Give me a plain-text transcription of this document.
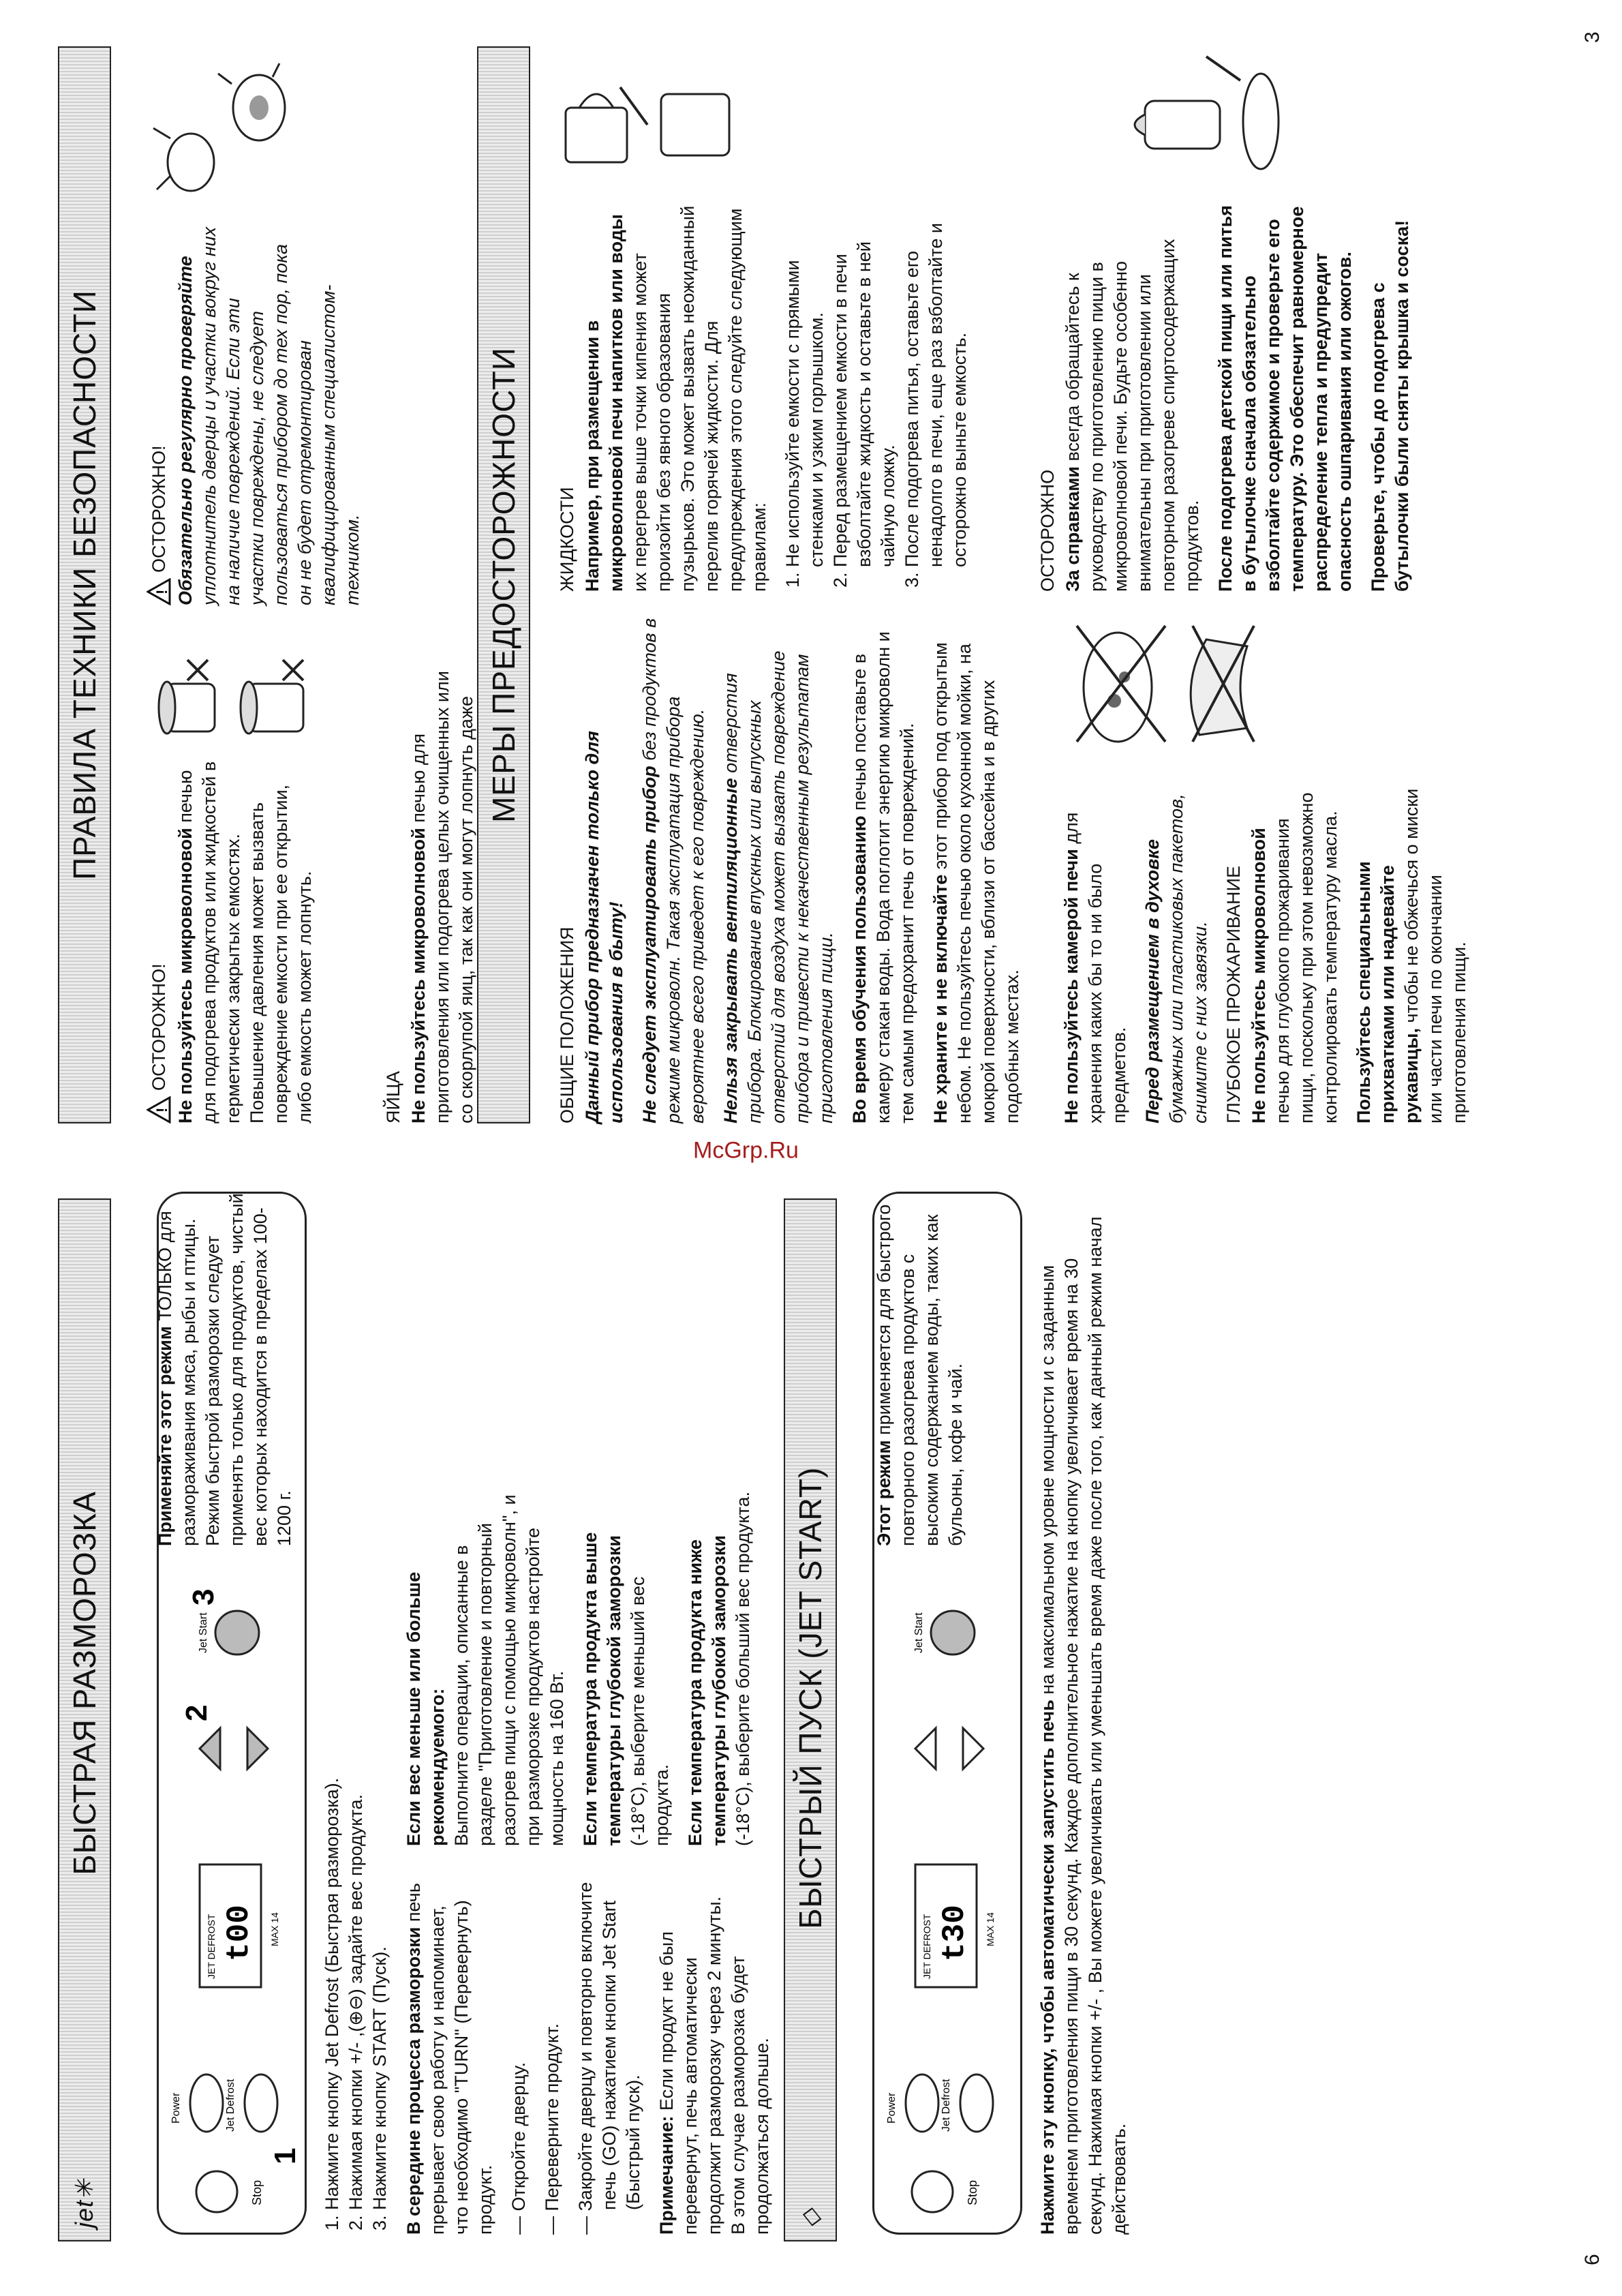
6
3
McGrp.Ru
jet✳
БЫСТРАЯ РАЗМОРОЗКА
Stop
Power	Jet Defrost
1
JET DEFROST t00 MAX 14
2
Jet Start
3

Применяйте этот режим ТОЛЬКО для размораживания мяса, рыбы и птицы. Режим быстрой разморозки следует применять только для продуктов, чистый вес которых находится в пределах 100-1200 г.

1. Нажмите кнопку Jet Defrost (Быстрая разморозка). 2. Нажимая кнопки +/- ,(⊕⊖) задайте вес продукта. 3. Нажмите кнопку START (Пуск). В середине процесса разморозки печь прерывает свою работу и напоминает, что необходимо "TURN" (Перевернуть) продукт. — Откройте дверцу. — Переверните продукт. — Закройте дверцу и повторно включите печь (GO) нажатием кнопки Jet Start (Быстрый пуск). Примечание: Если продукт не был перевернут, печь автоматически продолжит разморозку через 2 минуты. В этом случае разморозка будет продолжаться дольше.

Если вес меньше или больше рекомендуемого: Выполните операции, описанные в разделе "Приготовление и повторный разогрев пищи с помощью микроволн", и при разморозке продуктов настройте мощность на 160 Вт. Если температура продукта выше температуры глубокой заморозки (-18°C), выберите меньший вес продукта. Если температура продукта ниже температуры глубокой заморозки (-18°C), выберите больший вес продукта.

◇
БЫСТРЫЙ ПУСК (JET START)
Stop
Power	Jet Defrost
JET DEFROST t30 MAX 14
Jet Start

Этот режим применяется для быстрого повторного разогрева продуктов с высоким содержанием воды, таких как бульоны, кофе и чай.

Нажмите эту кнопку, чтобы автоматически запустить печь на максимальном уровне мощности и с заданным временем приготовления пищи в 30 секунд. Каждое дополнительное нажатие на кнопку увеличивает время на 30 секунд. Нажимая кнопки +/- , Вы можете увеличивать или уменьшать время даже после того, как данный режим начал действовать.

ПРАВИЛА ТЕХНИКИ БЕЗОПАСНОСТИ
!
ОСТОРОЖНО! Не пользуйтесь микроволновой печью для подогрева продуктов или жидкостей в герметически закрытых емкостях. Повышение давления может вызвать повреждение емкости при ее открытии, либо емкость может лопнуть.	ЯЙЦА Не пользуйтесь микроволновой печью для приготовления или подогрева целых очищенных или со скорлупой яиц, так как они могут лопнуть даже

!
ОСТОРОЖНО! Обязательно регулярно проверяйте уплотнитель дверцы и участки вокруг них на наличие повреждений. Если эти участки повреждены, не следует пользоваться прибором до тех пор, пока он не будет отремонтирован квалифицированным специалистом-техником.	МЕРЫ ПРЕДОСТОРОЖНОСТИ

ОБЩИЕ ПОЛОЖЕНИЯ Данный прибор предназначен только для использования в быту! Не следует эксплуатировать прибор без продуктов в режиме микроволн. Такая эксплуатация прибора вероятнее всего приведет к его повреждению. Нельзя закрывать вентиляционные отверстия прибора. Блокирование впускных или выпускных отверстий для воздуха может вызвать повреждение прибора и привести к некачественным результатам приготовления пищи. Во время обучения пользованию печью поставьте в камеру стакан воды. Вода поглотит энергию микроволн и тем самым предохранит печь от повреждений. Не храните и не включайте этот прибор под открытым небом. Не пользуйтесь печью около кухонной мойки, на мокрой поверхности, вблизи от бассейна и в других подобных местах. Не пользуйтесь камерой печи для хранения каких бы то ни было предметов. Перед размещением в духовке бумажных или пластиковых пакетов, снимите с них завязки. ГЛУБОКОЕ ПРОЖАРИВАНИЕ Не пользуйтесь микроволновой печью для глубокого прожаривания пищи, поскольку при этом невозможно контролировать температуру масла. Пользуйтесь специальными прихватками или надевайте рукавицы, чтобы не обжечься о миски или части печи по окончании приготовления пищи.

ЖИДКОСТИ Например, при размещении в микроволновой печи напитков или воды их перегрев выше точки кипения может произойти без явного образования пузырьков. Это может вызвать неожиданный перелив горячей жидкости. Для предупреждения этого следуйте следующим правилам: 1. Не используйте емкости с прямыми стенками и узким горлышком. 2. Перед размещением емкости в печи взболтайте жидкость и оставьте в ней чайную ложку. 3. После подогрева питья, оставьте его ненадолго в печи, еще раз взболтайте и осторожно выньте емкость.	ОСТОРОЖНО За справками всегда обращайтесь к руководству по приготовлению пищи в микроволновой печи. Будьте особенно внимательны при приготовлении или повторном разогреве спиртосодержащих продуктов. После подогрева детской пищи или питья в бутылочке сначала обязательно взболтайте содержимое и проверьте его температуру. Это обеспечит равномерное распределение тепла и предупредит опасность ошпаривания или ожогов. Проверьте, чтобы до подогрева с бутылочки были сняты крышка и соска!
